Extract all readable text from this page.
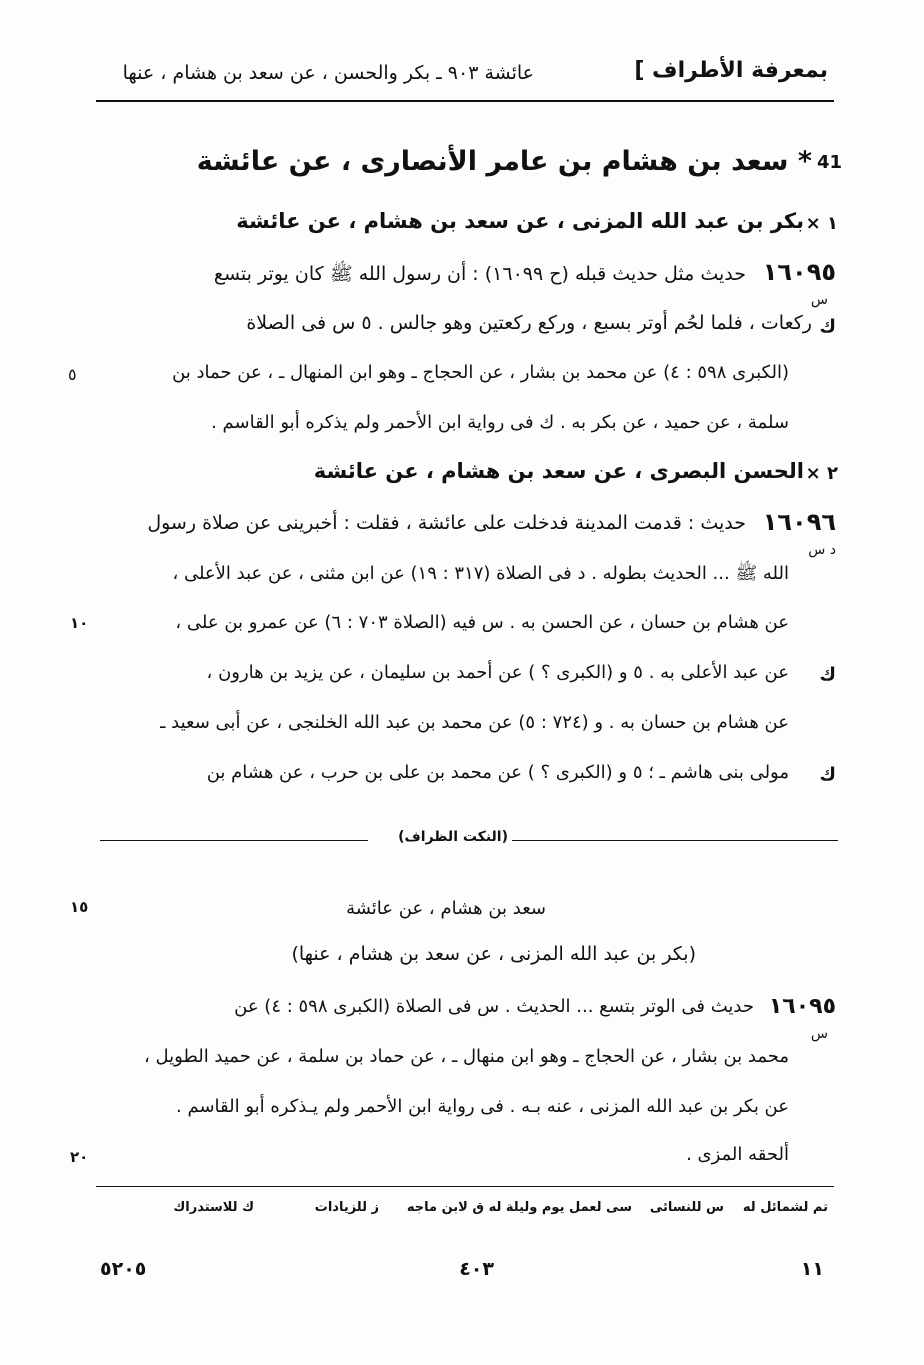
بمعرفة الأطراف ]
عائشة ٩٠٣ ـ بكر والحسن ، عن سعد بن هشام ، عنها
41
* سعد بن هشام بن عامر الأنصارى ، عن عائشة
١ ×
بكر بن عبد الله المزنى ، عن سعد بن هشام ، عن عائشة
١٦٠٩٥
حديث مثل حديث قبله (ح ١٦٠٩٩) : أن رسول الله ﷺ كان يوتر بتسع
س
ك
ركعات ، فلما لحُم أوتر بسبع ، وركع ركعتين وهو جالس . ٥ س فى الصلاة
(الكبرى ٥٩٨ : ٤) عن محمد بن بشار ، عن الحجاج ـ وهو ابن المنهال ـ ، عن حماد بن
٥
سلمة ، عن حميد ، عن بكر به . ك فى رواية ابن الأحمر ولم يذكره أبو القاسم .
٢ ×
الحسن البصرى ، عن سعد بن هشام ، عن عائشة
١٦٠٩٦
حديث : قدمت المدينة فدخلت على عائشة ، فقلت : أخبرينى عن صلاة رسول
د س
الله ﷺ ... الحديث بطوله . د فى الصلاة (٣١٧ : ١٩) عن ابن مثنى ، عن عبد الأعلى ،
عن هشام بن حسان ، عن الحسن به . س فيه (الصلاة ٧٠٣ : ٦) عن عمرو بن على ،
١٠
ك
عن عبد الأعلى به . ٥ و (الكبرى ؟ ) عن أحمد بن سليمان ، عن يزيد بن هارون ،
عن هشام بن حسان به . و (٧٢٤ : ٥) عن محمد بن عبد الله الخلنجى ، عن أبى سعيد ـ
ك
مولى بنى هاشم ـ ؛ ٥ و (الكبرى ؟ ) عن محمد بن على بن حرب ، عن هشام بن
(النكت الظراف)
١٥	سعد بن هشام ، عن عائشة
(بكر بن عبد الله المزنى ، عن سعد بن هشام ، عنها)
١٦٠٩٥
حديث فى الوتر بتسع ... الحديث . س فى الصلاة (الكبرى ٥٩٨ : ٤) عن
س
محمد بن بشار ، عن الحجاج ـ وهو ابن منهال ـ ، عن حماد بن سلمة ، عن حميد الطويل ،
عن بكر بن عبد الله المزنى ، عنه بـه . فى رواية ابن الأحمر ولم يـذكره أبو القاسم .
ألحقه المزى .
٢٠
تم لشمائل له
س للنسائى
سى لعمل يوم وليلة له
ق لابن ماجه
ز للزيادات
ك للاستدراك
١١
٤٠٣
٥٢٠٥
